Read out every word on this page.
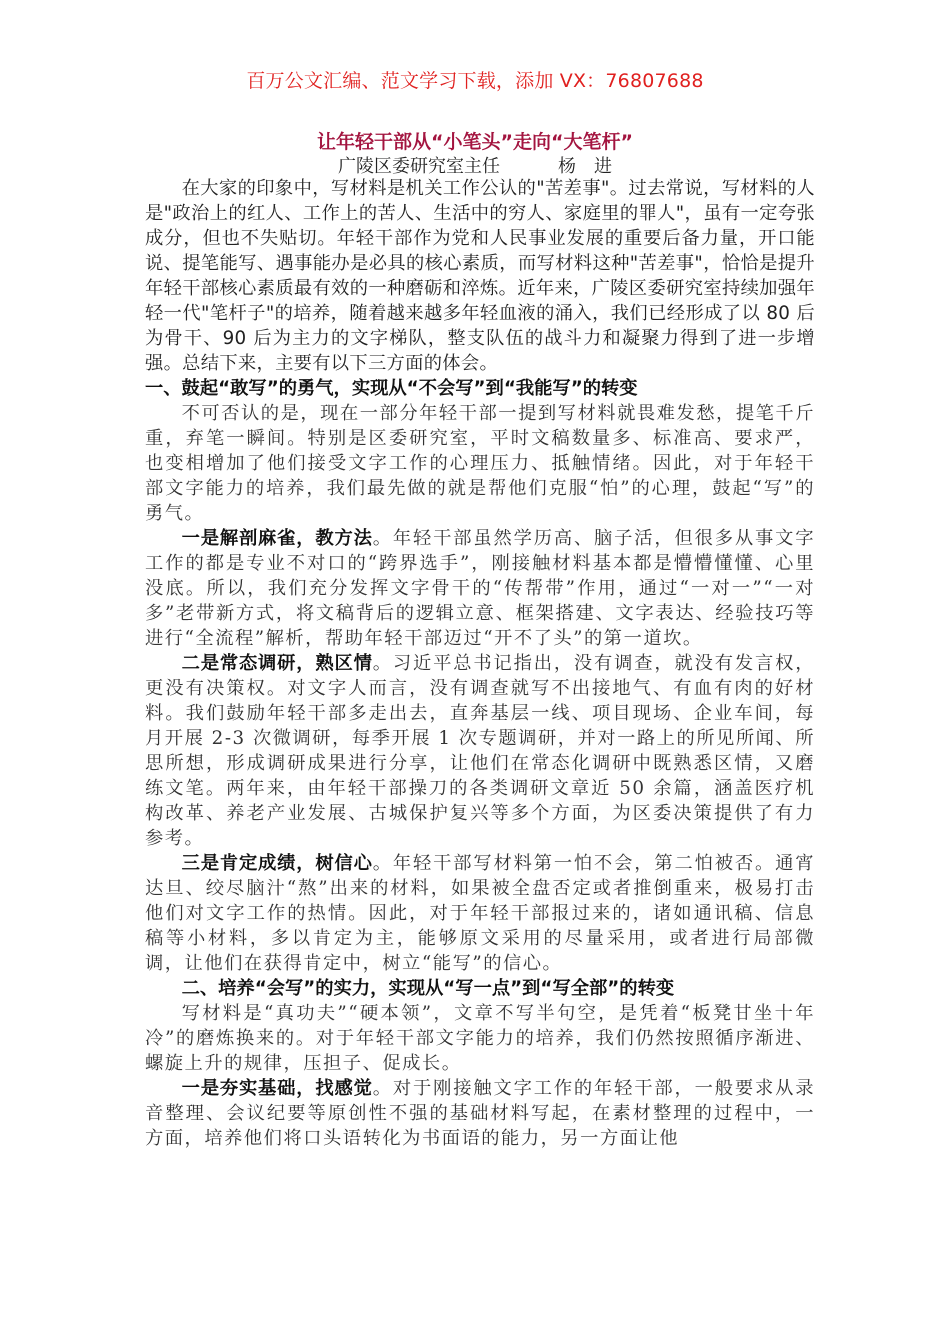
百万公文汇编、范文学习下载，添加 VX：76807688
让年轻干部从“小笔头”走向“大笔杆”
广陵区委研究室主任	杨　进

在大家的印象中，写材料是机关工作公认的"苦差事"。过去常说，写材料的人是"政治上的红人、工作上的苦人、生活中的穷人、家庭里的罪人"，虽有一定夸张成分，但也不失贴切。年轻干部作为党和人民事业发展的重要后备力量，开口能说、提笔能写、遇事能办是必具的核心素质，而写材料这种"苦差事"，恰恰是提升年轻干部核心素质最有效的一种磨砺和淬炼。近年来，广陵区委研究室持续加强年轻一代"笔杆子"的培养，随着越来越多年轻血液的涌入，我们已经形成了以 80 后为骨干、90 后为主力的文字梯队，整支队伍的战斗力和凝聚力得到了进一步增强。总结下来，主要有以下三方面的体会。

一、鼓起“敢写”的勇气，实现从“不会写”到“我能写”的转变

不可否认的是，现在一部分年轻干部一提到写材料就畏难发愁，提笔千斤重，弃笔一瞬间。特别是区委研究室，平时文稿数量多、标准高、要求严，也变相增加了他们接受文字工作的心理压力、抵触情绪。因此，对于年轻干部文字能力的培养，我们最先做的就是帮他们克服“怕”的心理，鼓起“写”的勇气。

一是解剖麻雀，教方法。年轻干部虽然学历高、脑子活，但很多从事文字工作的都是专业不对口的“跨界选手”，刚接触材料基本都是懵懵懂懂、心里没底。所以，我们充分发挥文字骨干的“传帮带”作用，通过“一对一”“一对多”老带新方式，将文稿背后的逻辑立意、框架搭建、文字表达、经验技巧等进行“全流程”解析，帮助年轻干部迈过“开不了头”的第一道坎。

二是常态调研，熟区情。习近平总书记指出，没有调查，就没有发言权，更没有决策权。对文字人而言，没有调查就写不出接地气、有血有肉的好材料。我们鼓励年轻干部多走出去，直奔基层一线、项目现场、企业车间，每月开展 2-3 次微调研，每季开展 1 次专题调研，并对一路上的所见所闻、所思所想，形成调研成果进行分享，让他们在常态化调研中既熟悉区情，又磨练文笔。两年来，由年轻干部操刀的各类调研文章近 50 余篇，涵盖医疗机构改革、养老产业发展、古城保护复兴等多个方面，为区委决策提供了有力参考。

三是肯定成绩，树信心。年轻干部写材料第一怕不会，第二怕被否。通宵达旦、绞尽脑汁“熬”出来的材料，如果被全盘否定或者推倒重来，极易打击他们对文字工作的热情。因此，对于年轻干部报过来的，诸如通讯稿、信息稿等小材料，多以肯定为主，能够原文采用的尽量采用，或者进行局部微调，让他们在获得肯定中，树立“能写”的信心。

二、培养“会写”的实力，实现从“写一点”到“写全部”的转变

写材料是“真功夫”“硬本领”，文章不写半句空，是凭着“板凳甘坐十年冷”的磨炼换来的。对于年轻干部文字能力的培养，我们仍然按照循序渐进、螺旋上升的规律，压担子、促成长。

一是夯实基础，找感觉。对于刚接触文字工作的年轻干部，一般要求从录音整理、会议纪要等原创性不强的基础材料写起，在素材整理的过程中，一方面，培养他们将口头语转化为书面语的能力，另一方面让他
